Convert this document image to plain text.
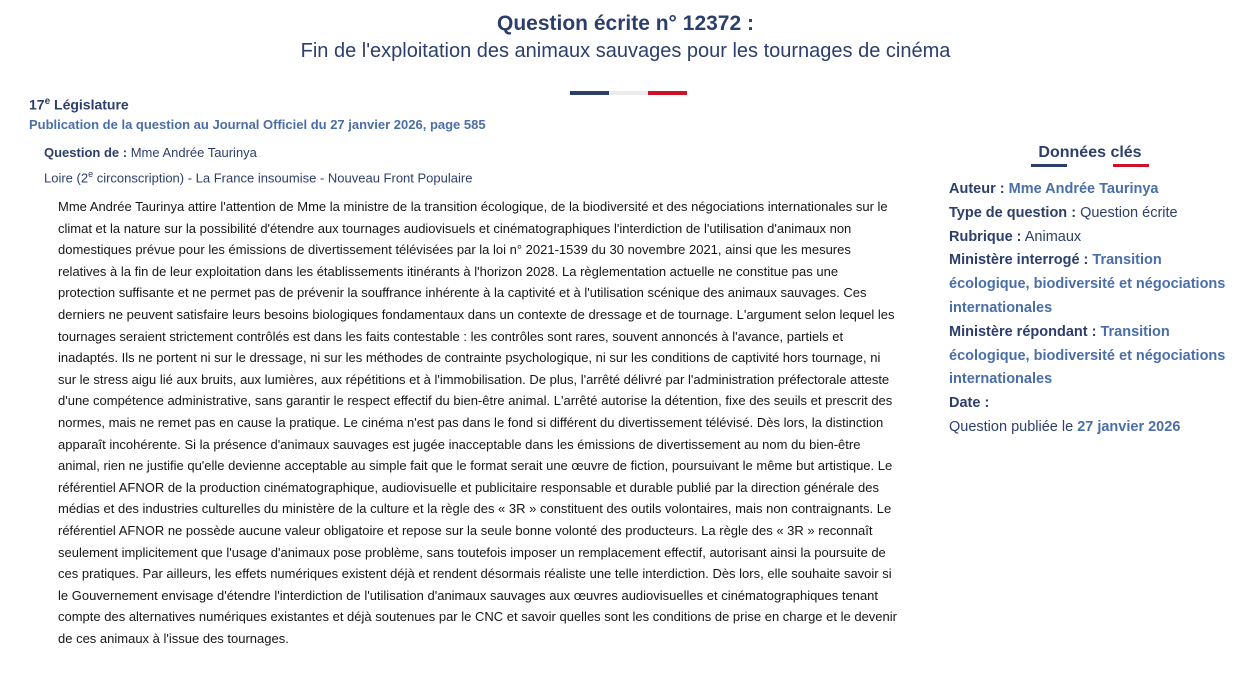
Question écrite n° 12372 :
Fin de l'exploitation des animaux sauvages pour les tournages de cinéma
17e Législature
Publication de la question au Journal Officiel du 27 janvier 2026, page 585
Question de : Mme Andrée Taurinya
Loire (2e circonscription) - La France insoumise - Nouveau Front Populaire
Mme Andrée Taurinya attire l'attention de Mme la ministre de la transition écologique, de la biodiversité et des négociations internationales sur le climat et la nature sur la possibilité d'étendre aux tournages audiovisuels et cinématographiques l'interdiction de l'utilisation d'animaux non domestiques prévue pour les émissions de divertissement télévisées par la loi n° 2021-1539 du 30 novembre 2021, ainsi que les mesures relatives à la fin de leur exploitation dans les établissements itinérants à l'horizon 2028. La règlementation actuelle ne constitue pas une protection suffisante et ne permet pas de prévenir la souffrance inhérente à la captivité et à l'utilisation scénique des animaux sauvages. Ces derniers ne peuvent satisfaire leurs besoins biologiques fondamentaux dans un contexte de dressage et de tournage. L'argument selon lequel les tournages seraient strictement contrôlés est dans les faits contestable : les contrôles sont rares, souvent annoncés à l'avance, partiels et inadaptés. Ils ne portent ni sur le dressage, ni sur les méthodes de contrainte psychologique, ni sur les conditions de captivité hors tournage, ni sur le stress aigu lié aux bruits, aux lumières, aux répétitions et à l'immobilisation. De plus, l'arrêté délivré par l'administration préfectorale atteste d'une compétence administrative, sans garantir le respect effectif du bien-être animal. L'arrêté autorise la détention, fixe des seuils et prescrit des normes, mais ne remet pas en cause la pratique. Le cinéma n'est pas dans le fond si différent du divertissement télévisé. Dès lors, la distinction apparaît incohérente. Si la présence d'animaux sauvages est jugée inacceptable dans les émissions de divertissement au nom du bien-être animal, rien ne justifie qu'elle devienne acceptable au simple fait que le format serait une œuvre de fiction, poursuivant le même but artistique. Le référentiel AFNOR de la production cinématographique, audiovisuelle et publicitaire responsable et durable publié par la direction générale des médias et des industries culturelles du ministère de la culture et la règle des « 3R » constituent des outils volontaires, mais non contraignants. Le référentiel AFNOR ne possède aucune valeur obligatoire et repose sur la seule bonne volonté des producteurs. La règle des « 3R » reconnaît seulement implicitement que l'usage d'animaux pose problème, sans toutefois imposer un remplacement effectif, autorisant ainsi la poursuite de ces pratiques. Par ailleurs, les effets numériques existent déjà et rendent désormais réaliste une telle interdiction. Dès lors, elle souhaite savoir si le Gouvernement envisage d'étendre l'interdiction de l'utilisation d'animaux sauvages aux œuvres audiovisuelles et cinématographiques tenant compte des alternatives numériques existantes et déjà soutenues par le CNC et savoir quelles sont les conditions de prise en charge et le devenir de ces animaux à l'issue des tournages.
Données clés
Auteur : Mme Andrée Taurinya
Type de question : Question écrite
Rubrique : Animaux
Ministère interrogé : Transition écologique, biodiversité et négociations internationales
Ministère répondant : Transition écologique, biodiversité et négociations internationales
Date :
Question publiée le 27 janvier 2026
